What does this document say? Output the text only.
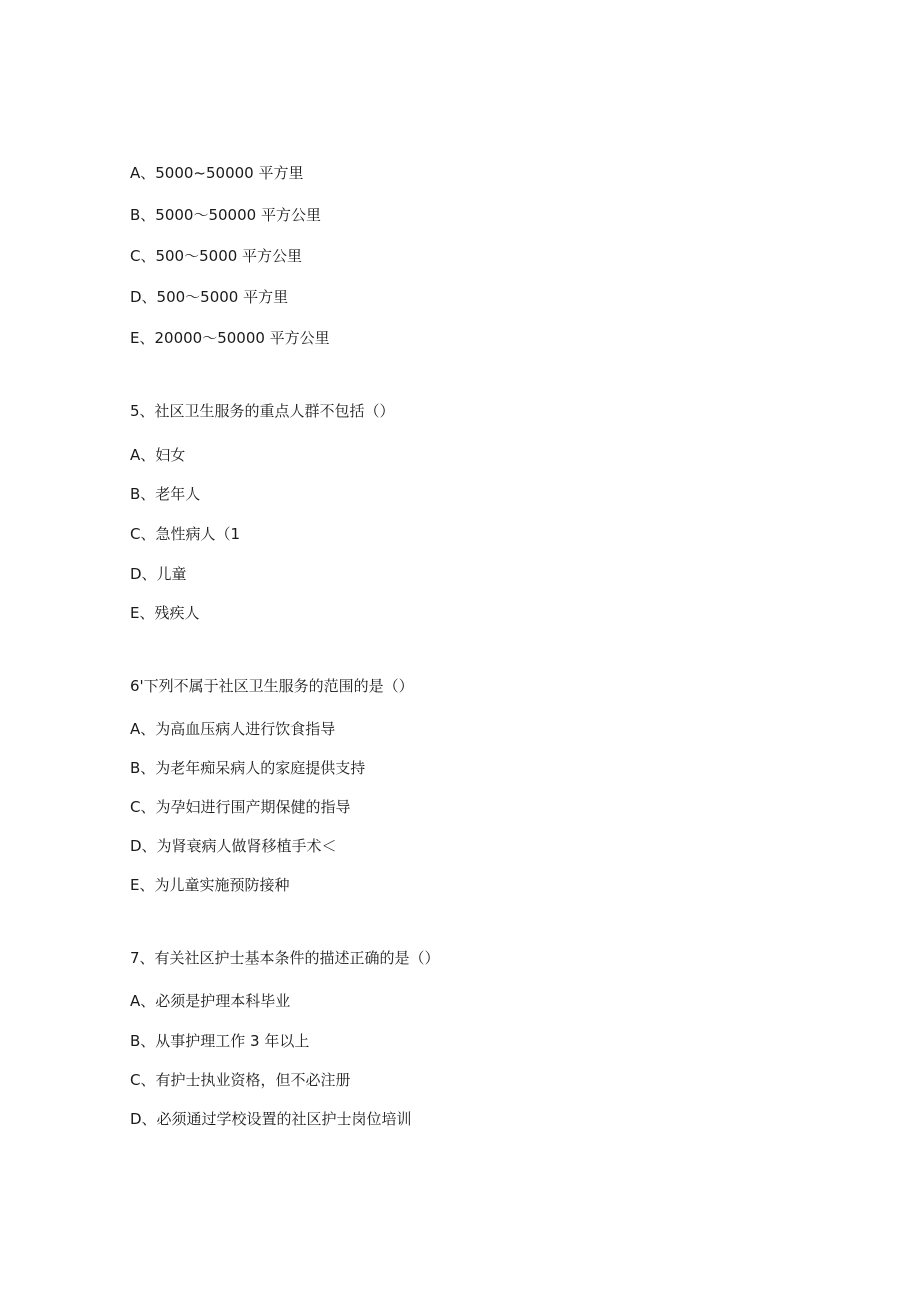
A、5000~50000 平方里
B、5000～50000 平方公里
C、500～5000 平方公里
D、500～5000 平方里
E、20000～50000 平方公里
5、社区卫生服务的重点人群不包括（）
A、妇女
B、老年人
C、急性病人（1
D、儿童
E、残疾人
6'下列不属于社区卫生服务的范围的是（）
A、为高血压病人进行饮食指导
B、为老年痴呆病人的家庭提供支持
C、为孕妇进行围产期保健的指导
D、为肾衰病人做肾移植手术＜
E、为儿童实施预防接种
7、有关社区护士基本条件的描述正确的是（）
A、必须是护理本科毕业
B、从事护理工作 3 年以上
C、有护士执业资格，但不必注册
D、必须通过学校设置的社区护士岗位培训
